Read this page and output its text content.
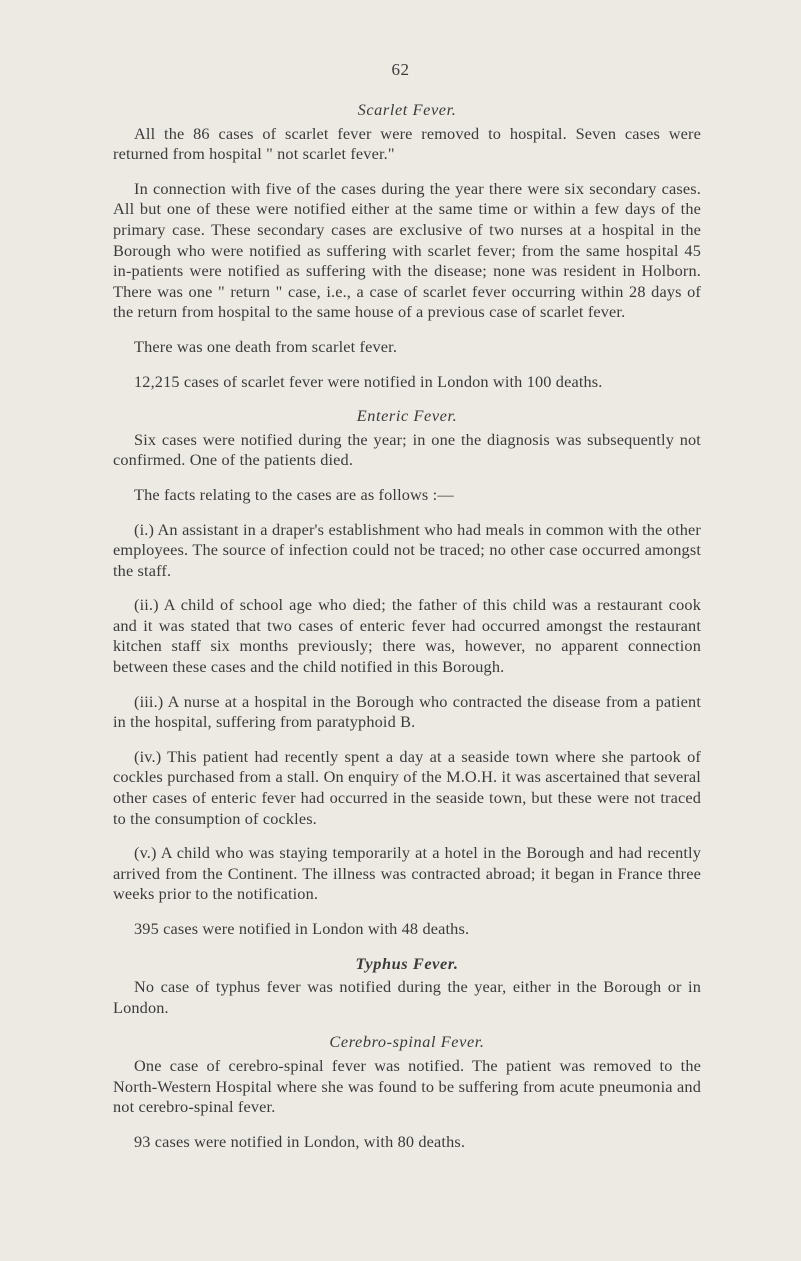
62
Scarlet Fever.

All the 86 cases of scarlet fever were removed to hospital. Seven cases were returned from hospital " not scarlet fever."

In connection with five of the cases during the year there were six secondary cases. All but one of these were notified either at the same time or within a few days of the primary case. These secondary cases are exclusive of two nurses at a hospital in the Borough who were notified as suffering with scarlet fever; from the same hospital 45 in-patients were notified as suffering with the disease; none was resident in Holborn. There was one " return " case, i.e., a case of scarlet fever occurring within 28 days of the return from hospital to the same house of a previous case of scarlet fever.

There was one death from scarlet fever.

12,215 cases of scarlet fever were notified in London with 100 deaths.

Enteric Fever.

Six cases were notified during the year; in one the diagnosis was subsequently not confirmed. One of the patients died.

The facts relating to the cases are as follows :—

(i.) An assistant in a draper's establishment who had meals in common with the other employees. The source of infection could not be traced; no other case occurred amongst the staff.

(ii.) A child of school age who died; the father of this child was a restaurant cook and it was stated that two cases of enteric fever had occurred amongst the restaurant kitchen staff six months previously; there was, however, no apparent connection between these cases and the child notified in this Borough.

(iii.) A nurse at a hospital in the Borough who contracted the disease from a patient in the hospital, suffering from paratyphoid B.

(iv.) This patient had recently spent a day at a seaside town where she partook of cockles purchased from a stall. On enquiry of the M.O.H. it was ascertained that several other cases of enteric fever had occurred in the seaside town, but these were not traced to the consumption of cockles.

(v.) A child who was staying temporarily at a hotel in the Borough and had recently arrived from the Continent. The illness was contracted abroad; it began in France three weeks prior to the notification.

395 cases were notified in London with 48 deaths.

Typhus Fever.

No case of typhus fever was notified during the year, either in the Borough or in London.

Cerebro-spinal Fever.

One case of cerebro-spinal fever was notified. The patient was removed to the North-Western Hospital where she was found to be suffering from acute pneumonia and not cerebro-spinal fever.

93 cases were notified in London, with 80 deaths.
